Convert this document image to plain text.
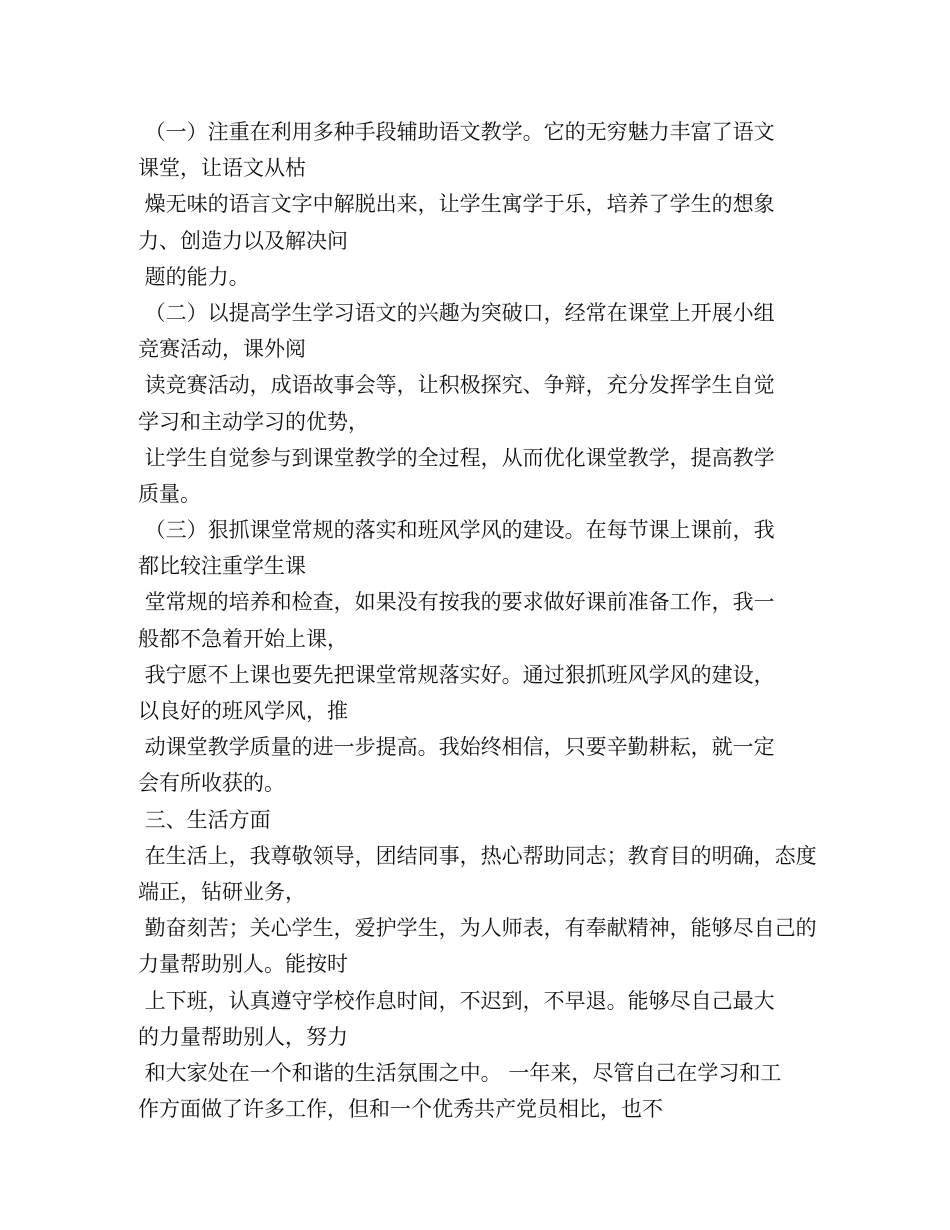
（一）注重在利用多种手段辅助语文教学。它的无穷魅力丰富了语文
课堂，让语文从枯
燥无味的语言文字中解脱出来，让学生寓学于乐，培养了学生的想象
力、创造力以及解决问
题的能力。
（二）以提高学生学习语文的兴趣为突破口，经常在课堂上开展小组
竞赛活动，课外阅
读竞赛活动，成语故事会等，让积极探究、争辩，充分发挥学生自觉
学习和主动学习的优势，
让学生自觉参与到课堂教学的全过程，从而优化课堂教学，提高教学
质量。
（三）狠抓课堂常规的落实和班风学风的建设。在每节课上课前，我
都比较注重学生课
堂常规的培养和检查，如果没有按我的要求做好课前准备工作，我一
般都不急着开始上课，
我宁愿不上课也要先把课堂常规落实好。通过狠抓班风学风的建设，
以良好的班风学风，推
动课堂教学质量的进一步提高。我始终相信，只要辛勤耕耘，就一定
会有所收获的。
三、生活方面
在生活上，我尊敬领导，团结同事，热心帮助同志；教育目的明确，态度
端正，钻研业务，
勤奋刻苦；关心学生，爱护学生，为人师表，有奉献精神，能够尽自己的
力量帮助别人。能按时
上下班，认真遵守学校作息时间，不迟到，不早退。能够尽自己最大
的力量帮助别人，努力
和大家处在一个和谐的生活氛围之中。 一年来，尽管自己在学习和工
作方面做了许多工作，但和一个优秀共产党员相比，也不
